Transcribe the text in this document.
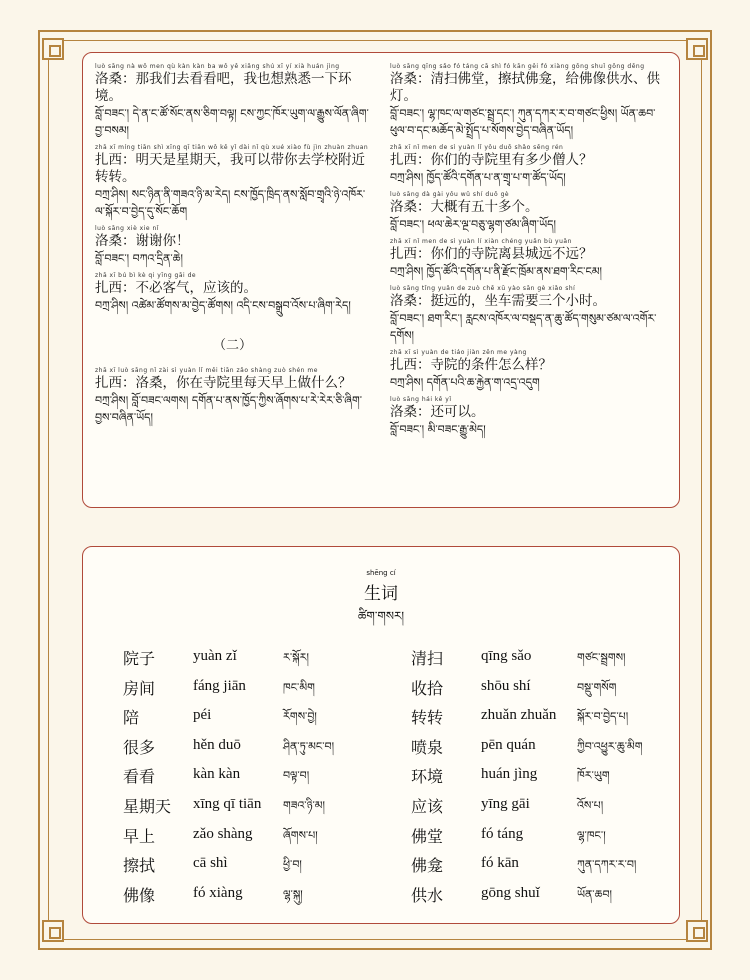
luò sāng nà wǒ men qù kàn kàn ba wǒ yě xiǎng shú xī yí xià huán jìng
洛桑：那我们去看看吧，我也想熟悉一下环境。
བློ་བཟང་། དེ་ན་ང་ཚོ་སོང་ནས་ཅིག་བལྟ། ངས་ཀྱང་ཁོར་ཡུག་ལ་རྒྱུས་ལོན་ཞིག་བྱ་བསམ།
zhā xī míng tiān shì xīng qī tiān wǒ kě yǐ dài nǐ qù xué xiào fù jìn zhuàn zhuan
扎西：明天是星期天，我可以带你去学校附近转转。
བཀྲ་ཤིས། སང་ཉིན་ནི་གཟའ་ཉི་མ་རེད། ངས་ཁྱོད་ཁྲིད་ནས་སློབ་གྲྭའི་ཉེ་འཁོར་ལ་སྐོར་བ་བྱེད་དུ་སོང་ཆོག
luò sāng xiè xie nǐ
洛桑：谢谢你！
བློ་བཟང་། བཀའ་དྲིན་ཆེ།
zhā xī bú bì kè qi yīng gāi de
扎西：不必客气，应该的。
བཀྲ་ཤིས། འཚེམ་ཚོགས་མ་བྱེད་ཚོགས། འདི་ངས་བསྒྲུབ་འོས་པ་ཞིག་རེད།
（二）
zhā xī luò sāng nǐ zài sì yuàn lǐ měi tiān zǎo shàng zuò shén me
扎西：洛桑，你在寺院里每天早上做什么？
བཀྲ་ཤིས། བློ་བཟང་ལགས། དགོན་པ་ནས་ཁྱོད་ཀྱིས་ཞོགས་པ་རེ་རེར་ཅི་ཞིག་བྱས་བཞིན་ཡོད།
luò sāng qīng sǎo fó táng cā shì fó kān gěi fó xiàng gōng shuǐ gōng dēng
洛桑：清扫佛堂，擦拭佛龛，给佛像供水、供灯。
བློ་བཟང་། ལྷ་ཁང་ལ་གཙང་སྦྲ་དང་། ཀུན་དཀར་ར་བ་གཙང་ཕྱིས། ཡོན་ཆབ་ཕུལ་བ་དང་མཆོད་མེ་སྤྲོད་པ་སོགས་བྱེད་བཞིན་ཡོད།
zhā xī nǐ men de sì yuàn lǐ yǒu duō shǎo sēng rén
扎西：你们的寺院里有多少僧人？
བཀྲ་ཤིས། ཁྱོད་ཚོའི་དགོན་པ་ན་གྲྭ་པ་ག་ཚོད་ཡོད།
luò sāng dà gài yǒu wǔ shí duō gè
洛桑：大概有五十多个。
བློ་བཟང་། ཕལ་ཆེར་ལྔ་བཅུ་ལྷག་ཙམ་ཞིག་ཡོད།
zhā xī nǐ men de sì yuàn lí xiàn chéng yuǎn bù yuǎn
扎西：你们的寺院离县城远不远？
བཀྲ་ཤིས། ཁྱོད་ཚོའི་དགོན་པ་ནི་རྫོང་ཁྲོམ་ནས་ཐག་རིང་ངམ།
luò sāng tǐng yuǎn de zuò chē xū yào sān gè xiǎo shí
洛桑：挺远的，坐车需要三个小时。
བློ་བཟང་། ཐག་རིང་། རླངས་འཁོར་ལ་བསྡད་ན་ཆུ་ཚོད་གསུམ་ཙམ་ལ་འགོར་དགོས།
zhā xī sì yuàn de tiáo jiàn zěn me yàng
扎西：寺院的条件怎么样？
བཀྲ་ཤིས། དགོན་པའི་ཆ་རྐྱེན་ག་འདྲ་འདུག
luò sāng hái kě yǐ
洛桑：还可以。
བློ་བཟང་། མི་བཟང་རྒྱུ་མེད།
shēng cí
生词
ཚིག་གསར།
院子	yuàn zǐ	ར་སྐོར།
房间	fáng jiān	ཁང་མིག
陪	péi	རོགས་བྱེ།
很多	hěn duō	ཤིན་ཏུ་མང་བ།
看看	kàn kàn	བལྟ་བ།
星期天 xīng qī tiān གཟའ་ཉི་མ།
早上	zǎo shàng	ཞོགས་པ།
擦拭	cā shì	ཕྱི་བ།
佛像	fó xiàng	ལྷ་སྐུ།
清扫	qīng sǎo	གཙང་སྦྲགས།
收拾	shōu shí	བསྡུ་གསོག
转转	zhuǎn zhuǎn སྐོར་བ་བྱེད་པ།
喷泉	pēn quán	ཀྱིབ་འཕྱུར་ཆུ་མིག
环境	huán jìng	ཁོར་ཡུག
应该	yīng gāi	འོས་པ།
佛堂	fó táng	ལྷ་ཁང་།
佛龛	fó kān	ཀུན་དཀར་ར་བ།
供水	gōng shuǐ	ཡོན་ཆབ།
